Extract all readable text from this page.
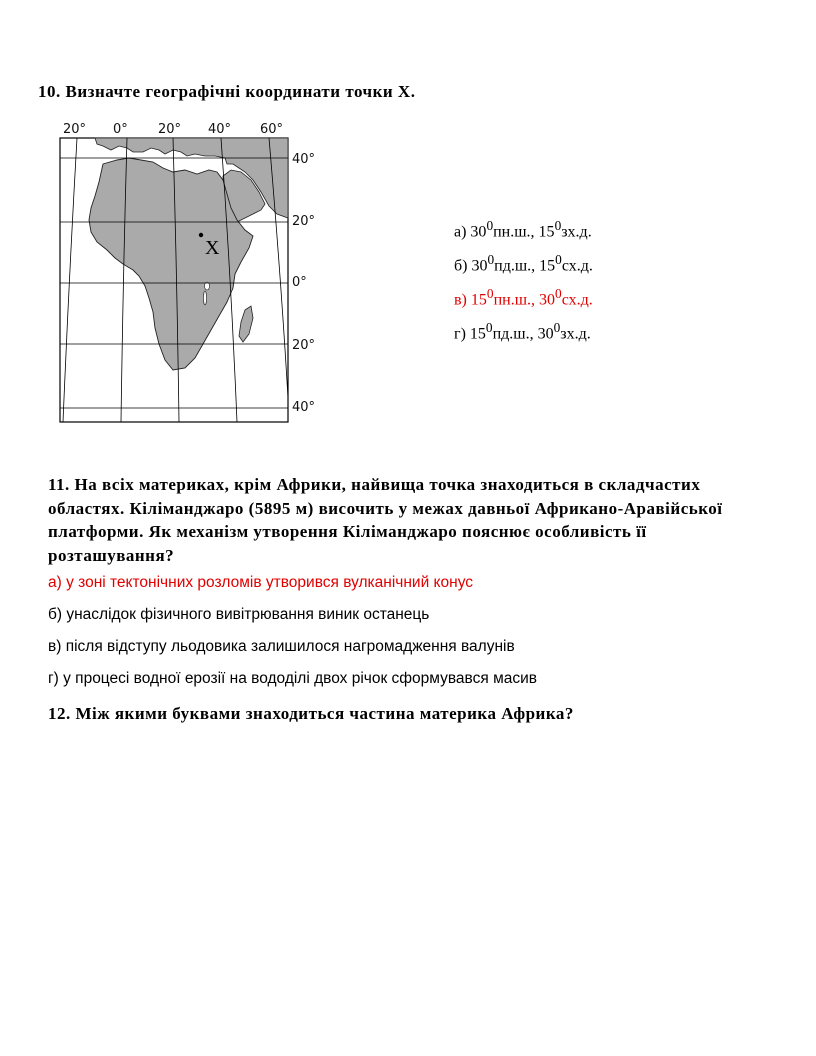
10. Визначте географічні координати точки Х.
20° 0° 20° 40° 60°
40°
20°
0°
20°
40°
Х
а) $30^0пн.ш$., $15^0зх.д$.
б) $30^0пд.ш$., $15^0сх.д$.
в) $15^0пн.ш$., $30^0сх.д$.
г) $15^0пд.ш$., $30^0зх.д$.
11. На всіх материках, крім Африки, найвища точка знаходиться в складчастих областях. Кіліманджаро (5895 м) височить у межах давньої Африкано-Аравійської платформи. Як механізм утворення Кіліманджаро пояснює особливість її розташування?
а) у зоні тектонічних розломів утворився вулканічний конус
б) унаслідок фізичного вивітрювання виник останець
в) після відступу льодовика залишилося нагромадження валунів
г) у процесі водної ерозії на вододілі двох річок сформувався масив
12. Між якими буквами знаходиться частина материка Африка?
